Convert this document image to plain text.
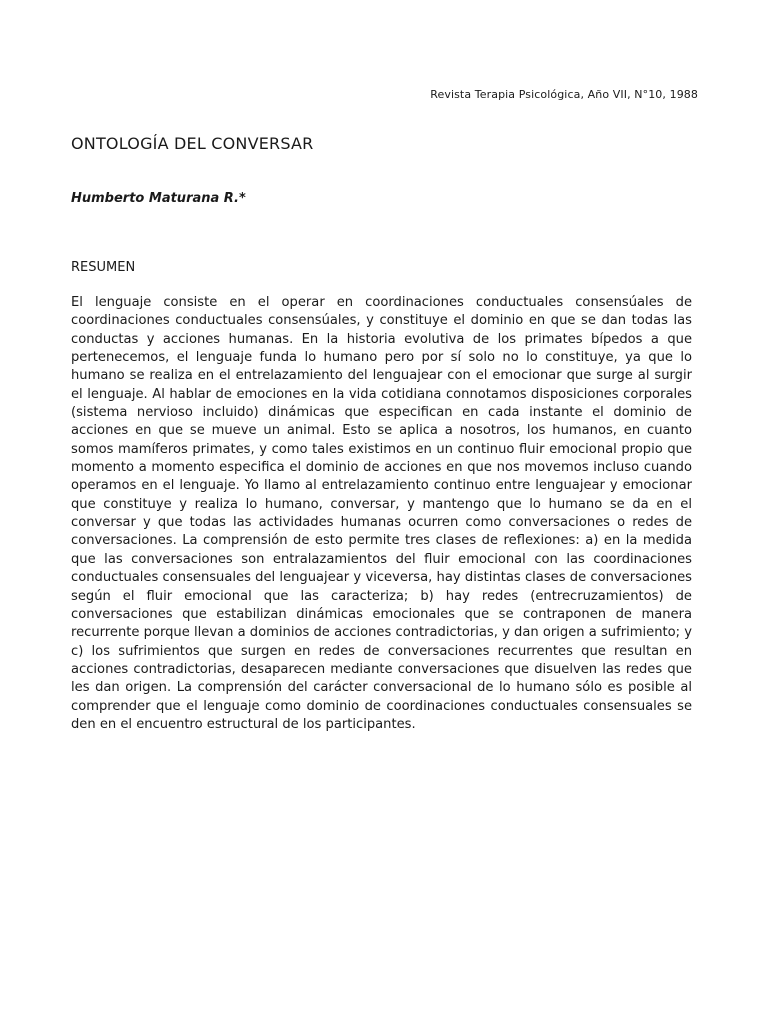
Revista Terapia Psicológica, Año VII, N°10, 1988
ONTOLOGÍA DEL CONVERSAR

Humberto Maturana R.*

RESUMEN

El lenguaje consiste en el operar en coordinaciones conductuales consensúales de coordinaciones conductuales consensúales, y constituye el dominio en que se dan todas las conductas y acciones humanas. En la historia evolutiva de los primates bípedos a que pertenecemos, el lenguaje funda lo humano pero por sí solo no lo constituye, ya que lo humano se realiza en el entrelazamiento del lenguajear con el emocionar que surge al surgir el lenguaje. Al hablar de emociones en la vida cotidiana connotamos disposiciones corporales (sistema nervioso incluido) dinámicas que especifican en cada instante el dominio de acciones en que se mueve un animal. Esto se aplica a nosotros, los humanos, en cuanto somos mamíferos primates, y como tales existimos en un continuo fluir emocional propio que momento a momento especifica el dominio de acciones en que nos movemos incluso cuando operamos en el lenguaje. Yo llamo al entrelazamiento continuo entre lenguajear y emocionar que constituye y realiza lo humano, conversar, y mantengo que lo humano se da en el conversar y que todas las actividades humanas ocurren como conversaciones o redes de conversaciones. La comprensión de esto permite tres clases de reflexiones: a) en la medida que las conversaciones son entralazamientos del fluir emocional con las coordinaciones conductuales consensuales del lenguajear y viceversa, hay distintas clases de conversaciones según el fluir emocional que las caracteriza; b) hay redes (entrecruzamientos) de conversaciones que estabilizan dinámicas emocionales que se contraponen de manera recurrente porque llevan a dominios de acciones contradictorias, y dan origen a sufrimiento; y c) los sufrimientos que surgen en redes de conversaciones recurrentes que resultan en acciones contradictorias, desaparecen mediante conversaciones que disuelven las redes que les dan origen. La comprensión del carácter conversacional de lo humano sólo es posible al comprender que el lenguaje como dominio de coordinaciones conductuales consensuales se den en el encuentro estructural de los participantes.
